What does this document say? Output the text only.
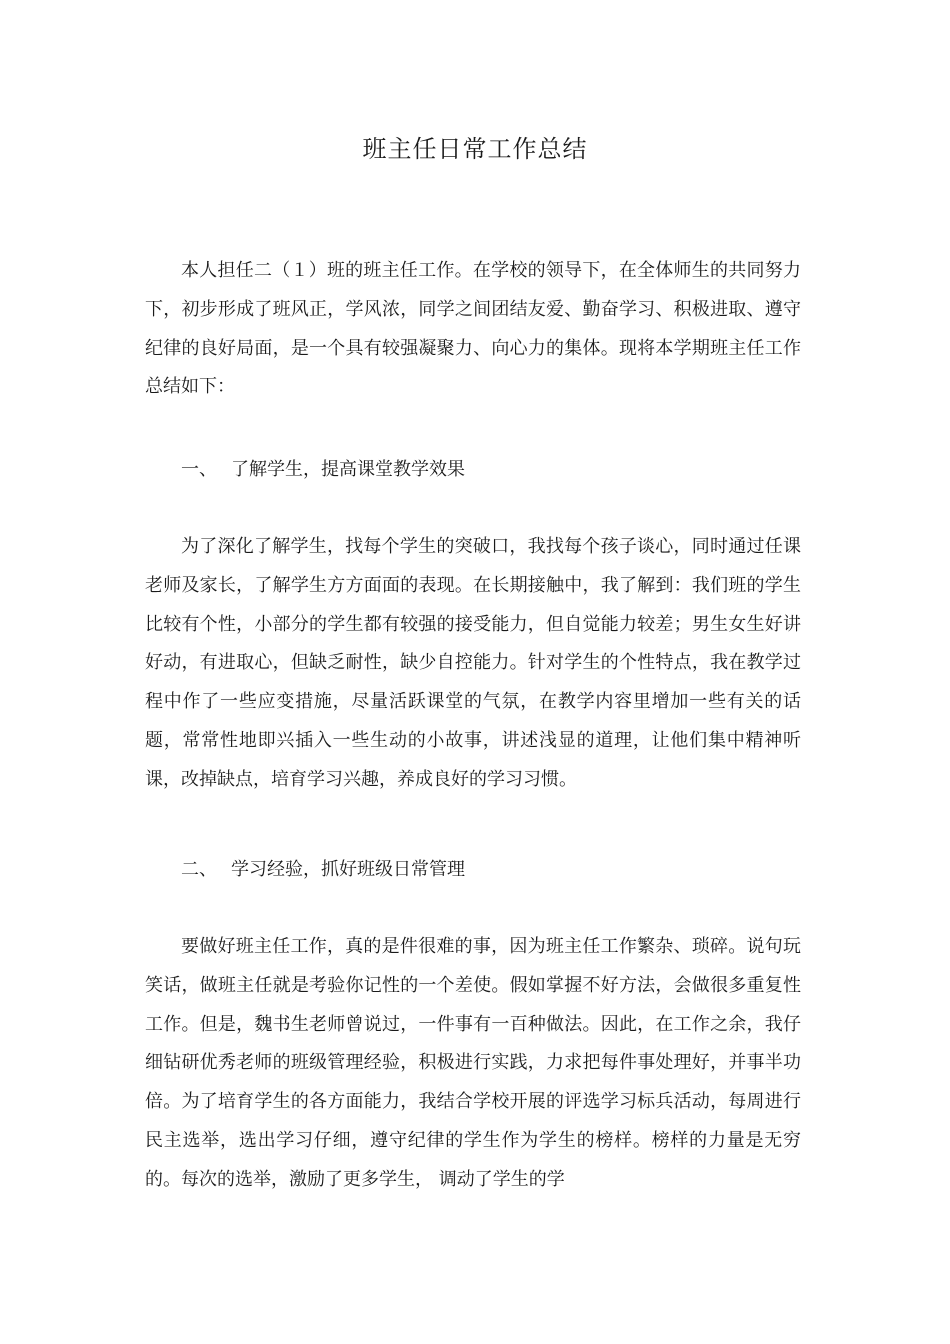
班主任日常工作总结

本人担任二（１）班的班主任工作。在学校的领导下，在全体师生的共同努力下，初步形成了班风正，学风浓，同学之间团结友爱、勤奋学习、积极进取、遵守纪律的良好局面，是一个具有较强凝聚力、向心力的集体。现将本学期班主任工作总结如下：

一、 了解学生，提高课堂教学效果

为了深化了解学生，找每个学生的突破口，我找每个孩子谈心，同时通过任课老师及家长，了解学生方方面面的表现。在长期接触中，我了解到：我们班的学生比较有个性，小部分的学生都有较强的接受能力，但自觉能力较差；男生女生好讲好动，有进取心，但缺乏耐性，缺少自控能力。针对学生的个性特点，我在教学过程中作了一些应变措施，尽量活跃课堂的气氛，在教学内容里增加一些有关的话题，常常性地即兴插入一些生动的小故事，讲述浅显的道理，让他们集中精神听课，改掉缺点，培育学习兴趣，养成良好的学习习惯。

二、 学习经验，抓好班级日常管理

要做好班主任工作，真的是件很难的事，因为班主任工作繁杂、琐碎。说句玩笑话，做班主任就是考验你记性的一个差使。假如掌握不好方法，会做很多重复性工作。但是，魏书生老师曾说过，一件事有一百种做法。因此，在工作之余，我仔细钻研优秀老师的班级管理经验，积极进行实践，力求把每件事处理好，并事半功倍。为了培育学生的各方面能力，我结合学校开展的评选学习标兵活动，每周进行民主选举，选出学习仔细，遵守纪律的学生作为学生的榜样。榜样的力量是无穷的。每次的选举，激励了更多学生， 调动了学生的学
